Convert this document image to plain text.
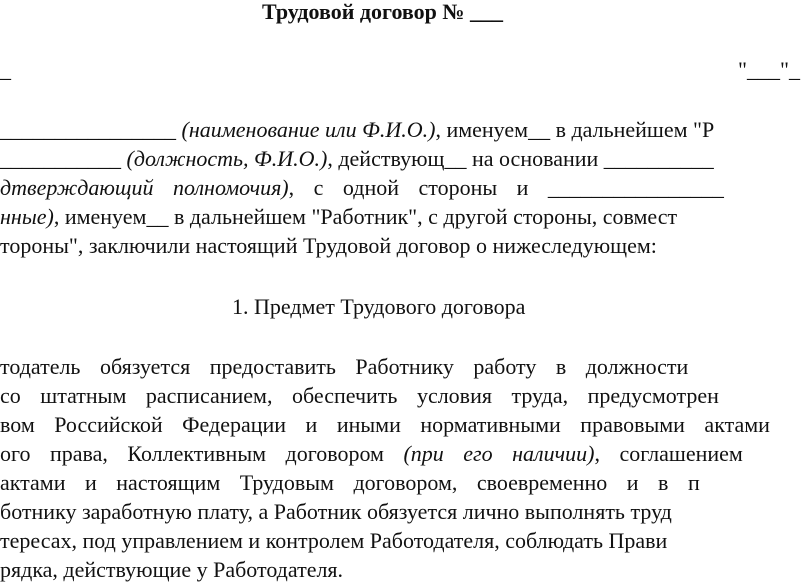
Трудовой договор № ___
_	"___"_
________________ (наименование или Ф.И.О.), именуем__ в дальнейшем "Р
___________ (должность, Ф.И.О.), действующ__ на основании __________
дтверждающий полномочия), с одной стороны и ________________
нные), именуем__ в дальнейшем "Работник", с другой стороны, совмест
тороны", заключили настоящий Трудовой договор о нижеследующем:
1. Предмет Трудового договора
тодатель обязуется предоставить Работнику работу в должности
со штатным расписанием, обеспечить условия труда, предусмотрен
вом Российской Федерации и иными нормативными правовыми актами
ого права, Коллективным договором (при его наличии), соглашением
актами и настоящим Трудовым договором, своевременно и в п
ботнику заработную плату, а Работник обязуется лично выполнять труд
тересах, под управлением и контролем Работодателя, соблюдать Прави
рядка, действующие у Работодателя.
